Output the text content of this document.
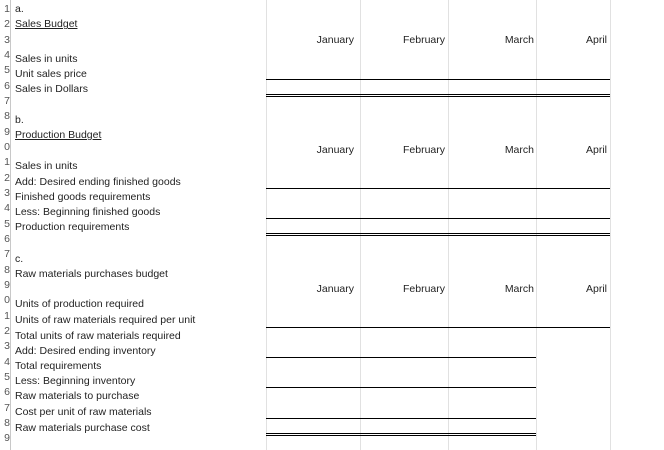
1
2
3
4
5
6
7
8
9
0
1
2
3
4
5
6
7
8
9
0
1
2
3
4
5
6
7
8
9
a.
Sales Budget
January	February	March	April
Sales in units
Unit sales price
Sales in Dollars
b.
Production Budget
January	February	March	April
Sales in units
Add: Desired ending finished goods
Finished goods requirements
Less: Beginning finished goods
Production requirements
c.
Raw materials purchases budget
January	February	March	April
Units of production required
Units of raw materials required per unit
Total units of raw materials required
Add: Desired ending inventory
Total requirements
Less: Beginning inventory
Raw materials to purchase
Cost per unit of raw materials
Raw materials purchase cost
